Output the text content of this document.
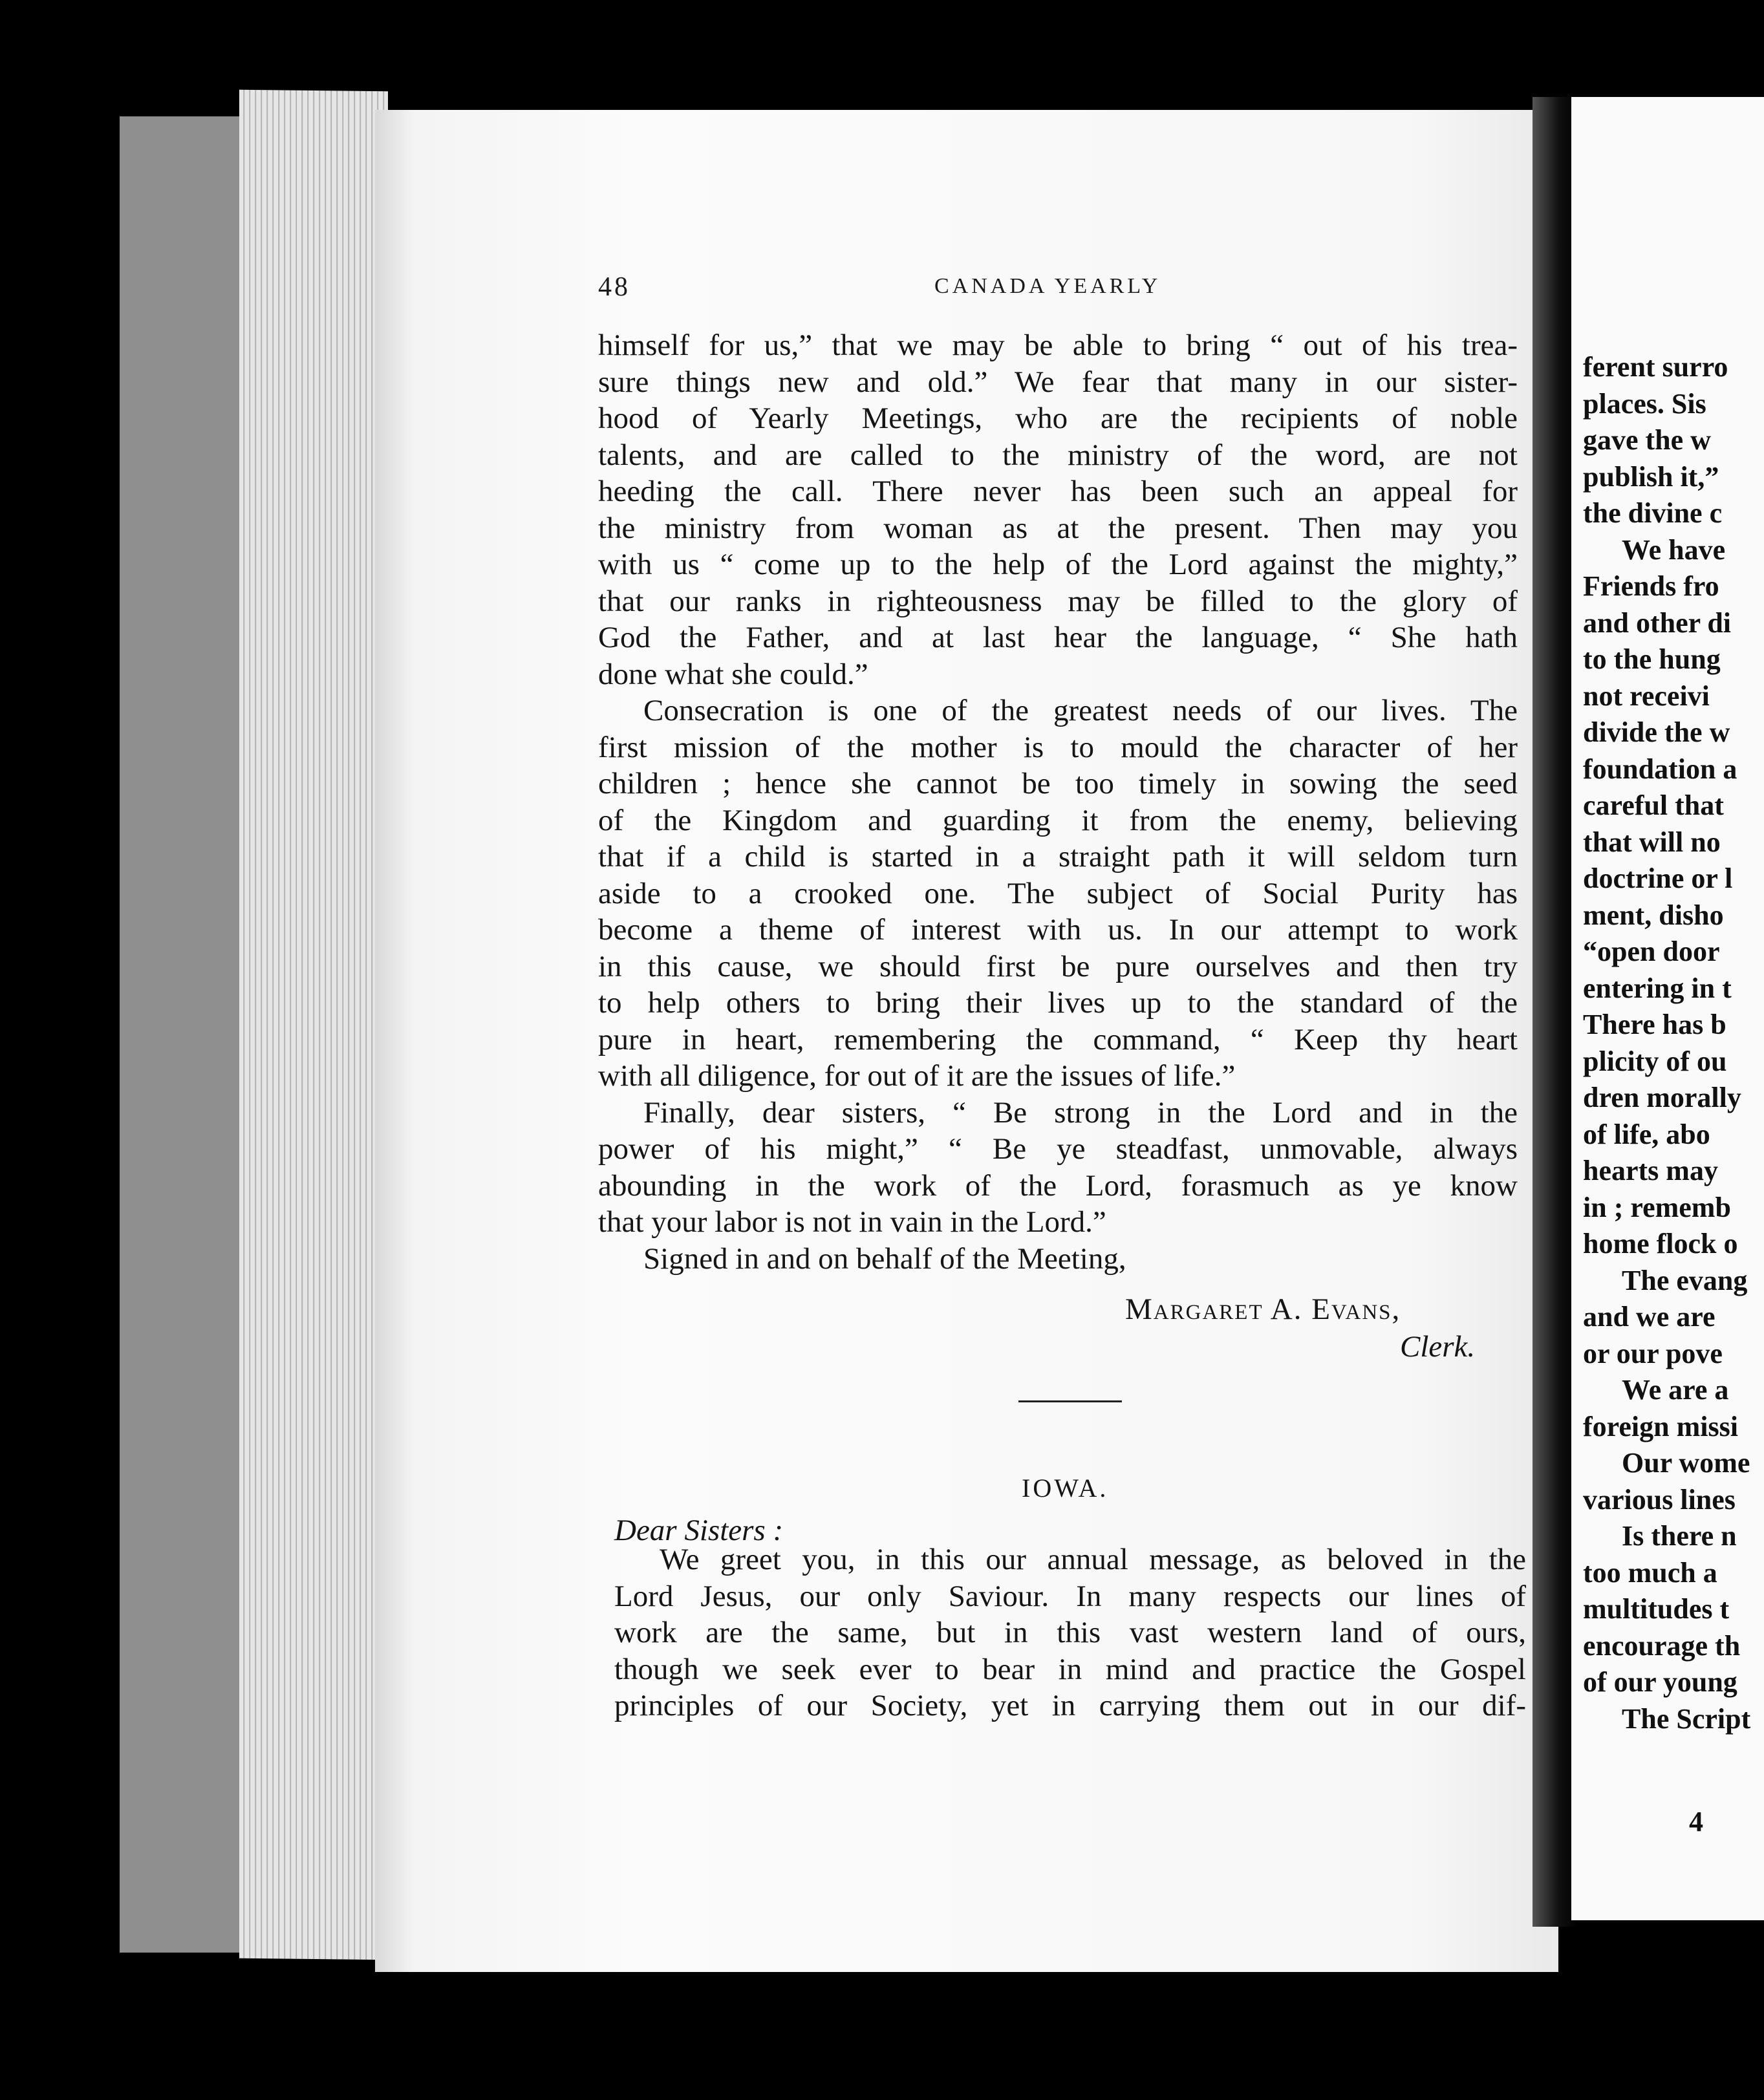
48	CANADA YEARLY
himself for us,” that we may be able to bring “ out of his trea-
sure things new and old.” We fear that many in our sister-
hood of Yearly Meetings, who are the recipients of noble
talents, and are called to the ministry of the word, are not
heeding the call. There never has been such an appeal for
the ministry from woman as at the present. Then may you
with us “ come up to the help of the Lord against the mighty,”
that our ranks in righteousness may be filled to the glory of
God the Father, and at last hear the language, “ She hath
done what she could.”
Consecration is one of the greatest needs of our lives. The
first mission of the mother is to mould the character of her
children ; hence she cannot be too timely in sowing the seed
of the Kingdom and guarding it from the enemy, believing
that if a child is started in a straight path it will seldom turn
aside to a crooked one. The subject of Social Purity has
become a theme of interest with us. In our attempt to work
in this cause, we should first be pure ourselves and then try
to help others to bring their lives up to the standard of the
pure in heart, remembering the command, “ Keep thy heart
with all diligence, for out of it are the issues of life.”
Finally, dear sisters, “ Be strong in the Lord and in the
power of his might,” “ Be ye steadfast, unmovable, always
abounding in the work of the Lord, forasmuch as ye know
that your labor is not in vain in the Lord.”
Signed in and on behalf of the Meeting,
Margaret A. Evans,
Clerk.
IOWA.
Dear Sisters :
We greet you, in this our annual message, as beloved in the
Lord Jesus, our only Saviour. In many respects our lines of
work are the same, but in this vast western land of ours,
though we seek ever to bear in mind and practice the Gospel
principles of our Society, yet in carrying them out in our dif-
ferent surro
places. Sis
gave the w
publish it,”
the divine c
We have
Friends fro
and other di
to the hung
not receivi
divide the w
foundation a
careful that
that will no
doctrine or l
ment, disho
“open door
entering in t
There has b
plicity of ou
dren morally
of life, abo
hearts may
in ; rememb
home flock o
The evang
and we are
or our pove
We are a
foreign missi
Our wome
various lines
Is there n
too much a
multitudes t
encourage th
of our young
The Script
4
